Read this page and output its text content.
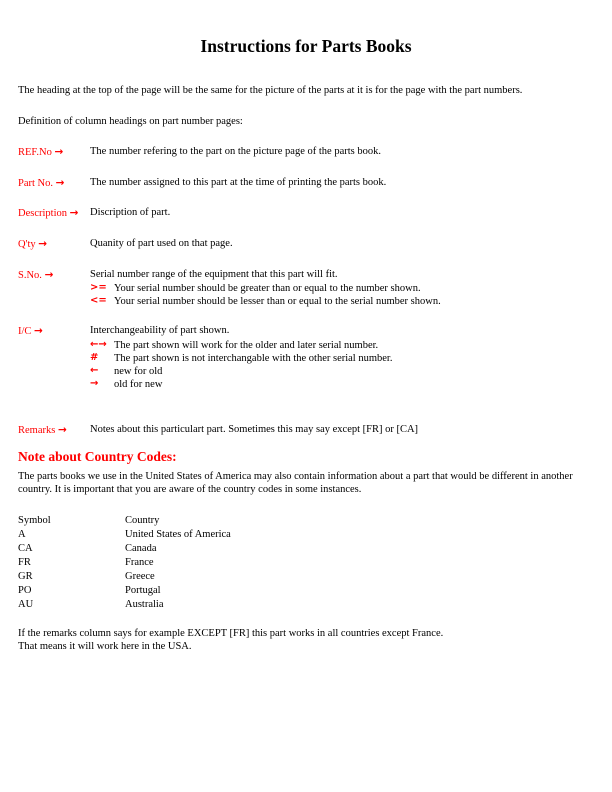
Instructions for Parts Books

The heading at the top of the page will be the same for the picture of the parts at it is for the page with the part numbers.

Definition of column headings on part number pages:

REF.No →	The number refering to the part on the picture page of the parts book.
Part No. →	The number assigned to this part at the time of printing the parts book.
Description →	Discription of part.
Q'ty →	Quanity of part used on that page.
S.No. →	Serial number range of the equipment that this part will fit.
>= Your serial number should be greater than or equal to the number shown.
<= Your serial number should be lesser than or equal to the serial number shown.
I/C →	Interchangeability of part shown.
←→ The part shown will work for the older and later serial number.
#	The part shown is not interchangable with the other serial number.
←	new for old
→	old for new
Remarks →	Notes about this particulart part. Sometimes this may say except [FR] or [CA]
Note about Country Codes:

The parts books we use in the United States of America may also contain information about a part that would be different in another country. It is important that you are aware of the country codes in some instances.

Symbol	Country
A	United States of America
CA	Canada
FR	France
GR	Greece
PO	Portugal
AU	Australia

If the remarks column says for example EXCEPT [FR] this part works in all countries except France.
That means it will work here in the USA.
